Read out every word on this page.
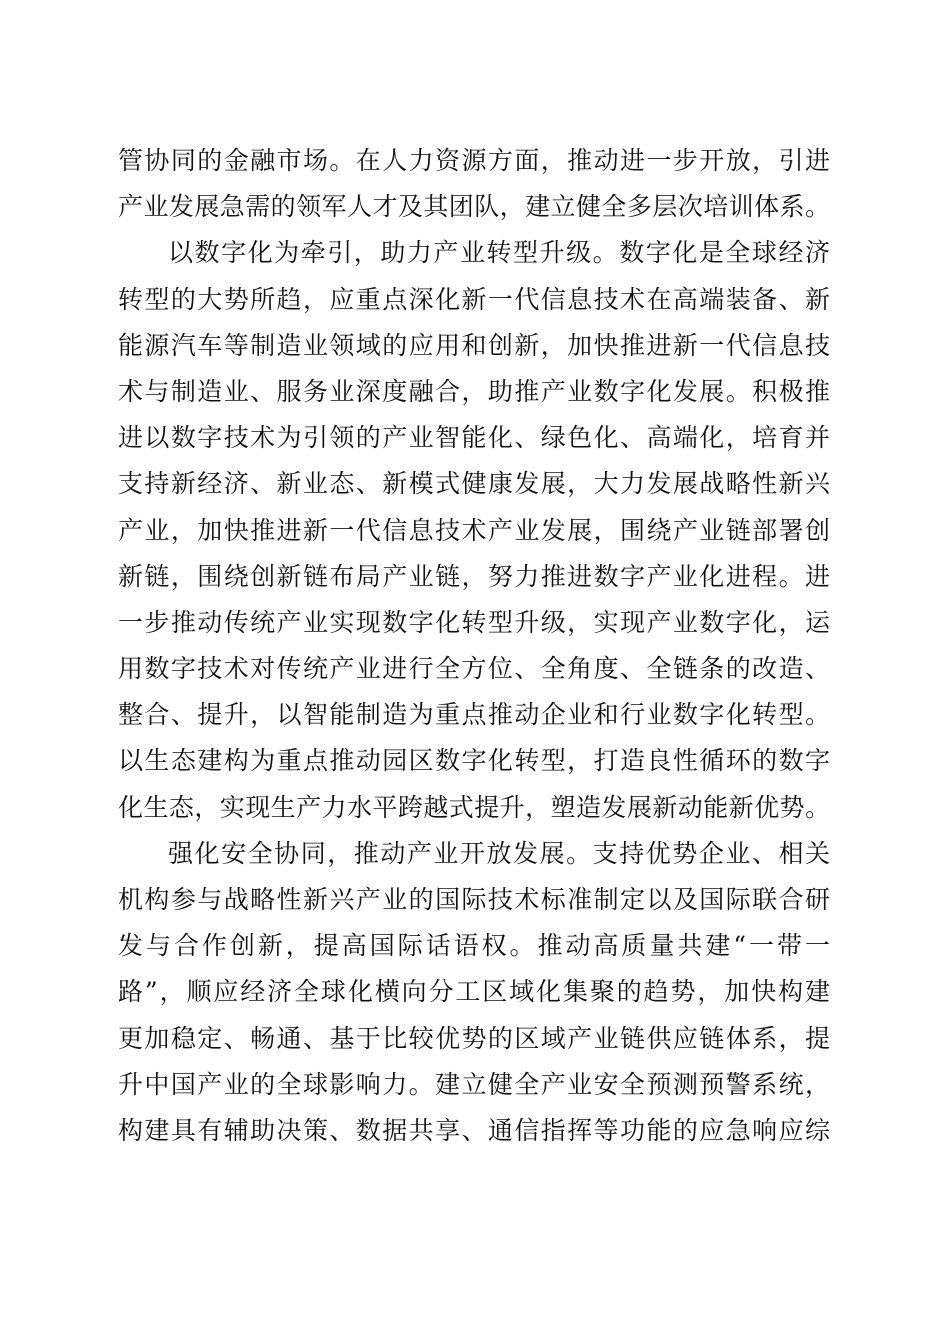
管协同的金融市场。在人力资源方面，推动进一步开放，引进
产业发展急需的领军人才及其团队，建立健全多层次培训体系。
以数字化为牵引，助力产业转型升级。数字化是全球经济
转型的大势所趋，应重点深化新一代信息技术在高端装备、新
能源汽车等制造业领域的应用和创新，加快推进新一代信息技
术与制造业、服务业深度融合，助推产业数字化发展。积极推
进以数字技术为引领的产业智能化、绿色化、高端化，培育并
支持新经济、新业态、新模式健康发展，大力发展战略性新兴
产业，加快推进新一代信息技术产业发展，围绕产业链部署创
新链，围绕创新链布局产业链，努力推进数字产业化进程。进
一步推动传统产业实现数字化转型升级，实现产业数字化，运
用数字技术对传统产业进行全方位、全角度、全链条的改造、
整合、提升，以智能制造为重点推动企业和行业数字化转型。
以生态建构为重点推动园区数字化转型，打造良性循环的数字
化生态，实现生产力水平跨越式提升，塑造发展新动能新优势。
强化安全协同，推动产业开放发展。支持优势企业、相关
机构参与战略性新兴产业的国际技术标准制定以及国际联合研
发与合作创新，提高国际话语权。推动高质量共建“一带一
路”，顺应经济全球化横向分工区域化集聚的趋势，加快构建
更加稳定、畅通、基于比较优势的区域产业链供应链体系，提
升中国产业的全球影响力。建立健全产业安全预测预警系统，
构建具有辅助决策、数据共享、通信指挥等功能的应急响应综
